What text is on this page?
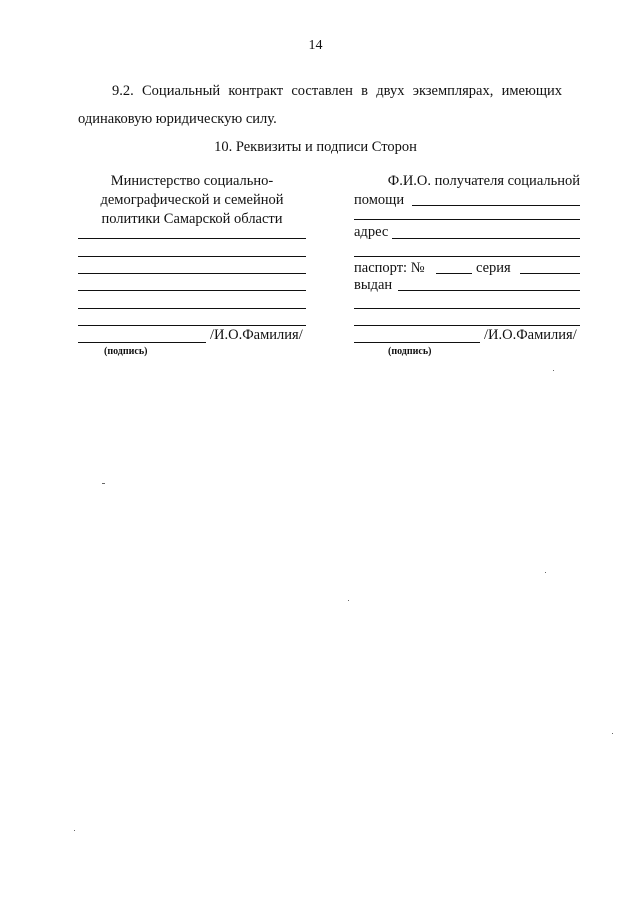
14
9.2. Социальный контракт составлен в двух экземплярах, имеющих одинаковую юридическую силу.
10. Реквизиты и подписи Сторон
Министерство социально-демографической и семейной политики Самарской области
/И.О.Фамилия/
(подпись)
Ф.И.О. получателя социальной
помощи
адрес
паспорт: №	серия
выдан
/И.О.Фамилия/
(подпись)
